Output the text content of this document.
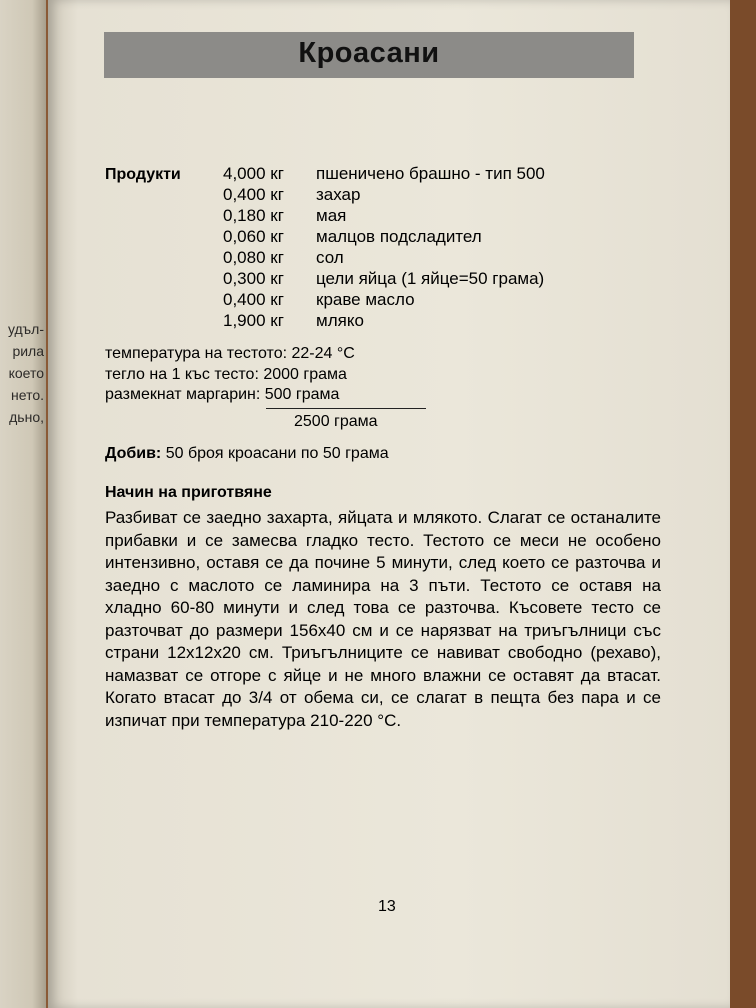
удъл-
рила
което
нето.
дьно,
Кроасани
Продукти 4,000 кг	пшеничено брашно - тип 500
0,400 кг	захар
0,180 кг	мая
0,060 кг	малцов подсладител
0,080 кг	сол
0,300 кг	цели яйца (1 яйце=50 грама)
0,400 кг	краве масло
1,900 кг	мляко
температура на тестото: 22-24 °C
тегло на 1 къс тесто: 2000 грама
размекнат маргарин: 500 грама
2500 грама
Добив: 50 броя кроасани по 50 грама
Начин на приготвяне
Разбиват се заедно захарта, яйцата и млякото. Слагат се останалите прибавки и се замесва гладко тесто. Тестото се меси не особено интензивно, оставя се да почине 5 минути, след което се разточва и заедно с маслото се ламинира на 3 пъти. Тестото се оставя на хладно 60-80 минути и след това се разточва. Късовете тесто се разточват до размери 156x40 см и се нарязват на триъгълници със страни 12x12x20 см. Триъгълниците се навиват свободно (рехаво), намазват се отгоре с яйце и не много влажни се оставят да втасат. Когато втасат до 3/4 от обема си, се слагат в пещта без пара и се изпичат при температура 210-220 °C.
13
